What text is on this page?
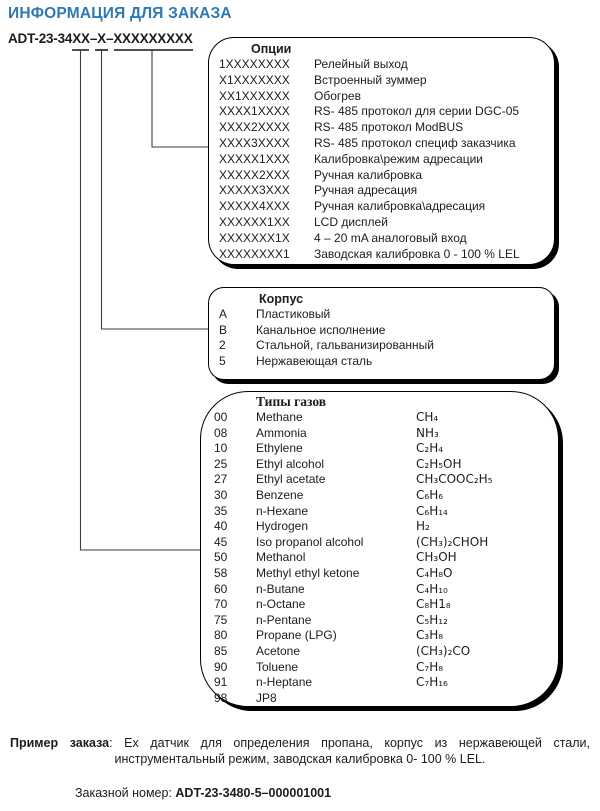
ИНФОРМАЦИЯ ДЛЯ ЗАКАЗА
ADT-23-34XX–X–XXXXXXXXX
Опции
1XXXXXXXX	Релейный выход
X1XXXXXXX	Встроенный зуммер
XX1XXXXXX	Обогрев
XXXX1XXXX	RS- 485 протокол для серии DGC-05
XXXX2XXXX	RS- 485 протокол ModBUS
XXXX3XXXX	RS- 485 протокол специф заказчика
XXXXX1XXX	Калибровка\режим адресации
XXXXX2XXX	Ручная калибровка
XXXXX3XXX	Ручная адресация
XXXXX4XXX	Ручная калибровка\адресация
XXXXXX1XX	LCD дисплей
XXXXXXX1X	4 – 20 mA аналоговый вход
XXXXXXXX1	Заводская калибровка 0 - 100 % LEL
Корпус
A	Пластиковый
B	Канальное исполнение
2	Стальной, гальванизированный
5	Нержавеющая сталь
Типы газов
00	Methane	CH₄
08	Ammonia	NH₃
10	Ethylene	C₂H₄
25	Ethyl alcohol	C₂H₅OH
27	Ethyl acetate	CH₃COOC₂H₅
30	Benzene	C₆H₆
35	n-Hexane	C₆H₁₄
40	Hydrogen	H₂
45	Iso propanol alcohol	(CH₃)₂CHOH
50	Methanol	CH₃OH
58	Methyl ethyl ketone	C₄H₈O
60	n-Butane	C₄H₁₀
70	n-Octane	C₈H1₈
75	n-Pentane	C₅H₁₂
80	Propane (LPG)	C₃H₈
85	Acetone	(CH₃)₂CO
90	Toluene	C₇H₈
91	n-Heptane	C₇H₁₆
98	JP8

Пример заказа: Ex датчик для определения пропана, корпус из нержавеющей стали,
инструментальный режим, заводская калибровка 0- 100 % LEL.

Заказной номер: ADT-23-3480-5–000001001
